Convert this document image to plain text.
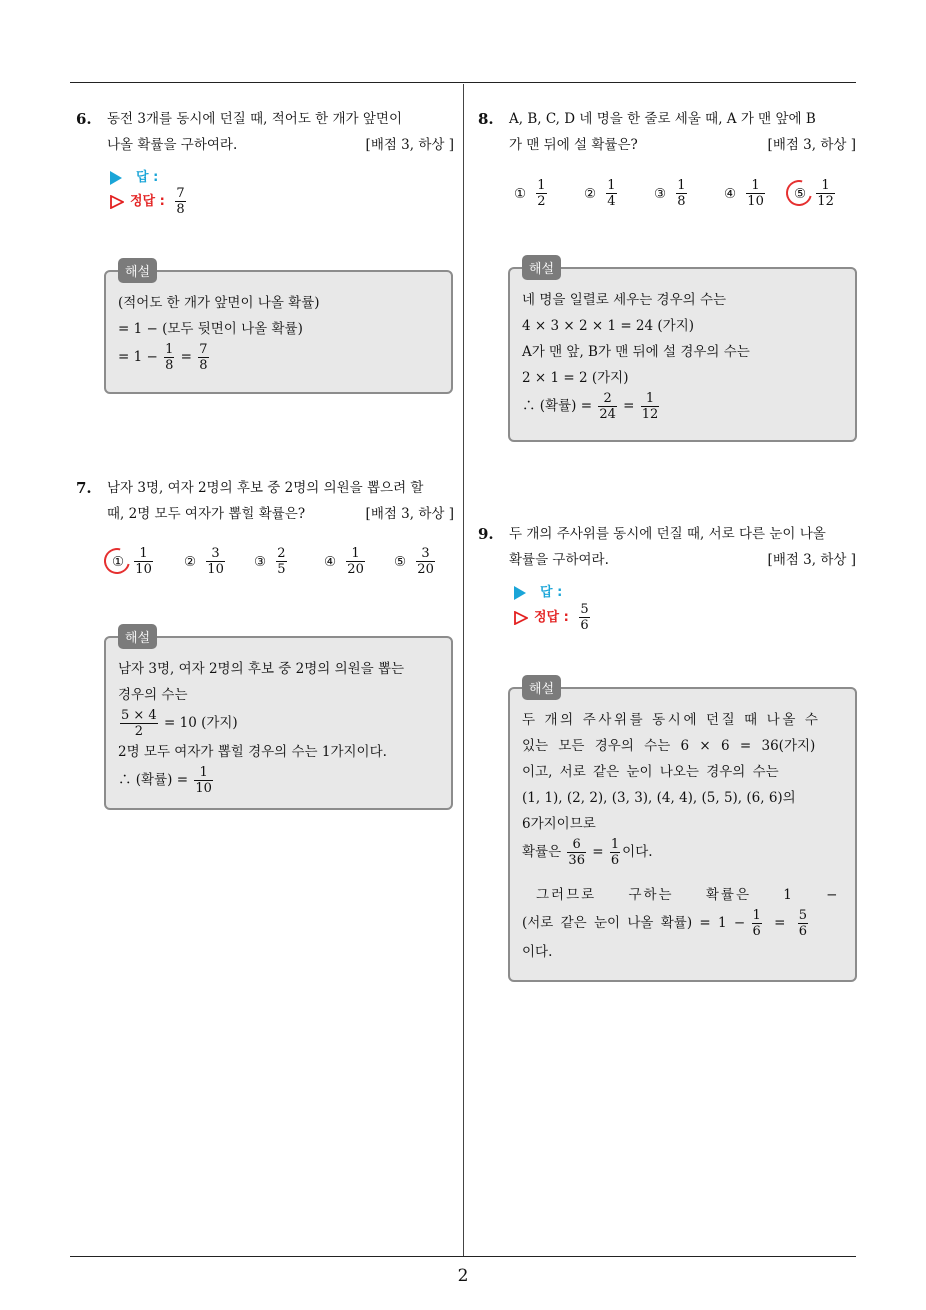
2
6. 동전 3개를 동시에 던질 때, 적어도 한 개가 앞면이
나올 확률을 구하여라.	[배점 3, 하상 ]
답 :
정답 : $\frac{7}{8}$
해설
(적어도 한 개가 앞면이 나올 확률)
= 1 − (모두 뒷면이 나올 확률)
= $1 - \frac{1}{8} = \frac{7}{8}$
7. 남자 3명, 여자 2명의 후보 중 2명의 의원을 뽑으려 할
때, 2명 모두 여자가 뽑힐 확률은?	[배점 3, 하상 ]
① $\frac{1}{10}$ ② $\frac{3}{10}$ ③ $\frac{2}{5}$	④ $\frac{1}{20}$ ⑤ $\frac{3}{20}$
해설
남자 3명, 여자 2명의 후보 중 2명의 의원을 뽑는
경우의 수는
$\frac{5 \times 4}{2} = 10$ (가지)
2명 모두 여자가 뽑힐 경우의 수는 1가지이다.
∴ (확률) = $\frac{1}{10}$
8. A, B, C, D 네 명을 한 줄로 세울 때, A 가 맨 앞에 B
가 맨 뒤에 설 확률은?	[배점 3, 하상 ]
① $\frac{1}{2}$	② $\frac{1}{4}$	③ $\frac{1}{8}$	④ $\frac{1}{10}$ ⑤ $\frac{1}{12}$
해설
네 명을 일렬로 세우는 경우의 수는
4 × 3 × 2 × 1 = 24 (가지)
A가 맨 앞, B가 맨 뒤에 설 경우의 수는
2 × 1 = 2 (가지)
∴ (확률) = $\frac{2}{24} = \frac{1}{12}$
9. 두 개의 주사위를 동시에 던질 때, 서로 다른 눈이 나올
확률을 구하여라.	[배점 3, 하상 ]
답 :
정답 : $\frac{5}{6}$
해설
두 개의 주사위를 동시에 던질 때 나올 수
있는 모든 경우의 수는 6 × 6 = 36(가지)
이고, 서로 같은 눈이 나오는 경우의 수는
(1, 1), (2, 2), (3, 3), (4, 4), (5, 5), (6, 6)의
6가지이므로
확률은 $\frac{6}{36} = \frac{1}{6}$ 이다.
그러므로 구하는 확률은 1 −
(서로 같은 눈이 나올 확률) = $1 - \frac{1}{6} = \frac{5}{6}$
이다.
